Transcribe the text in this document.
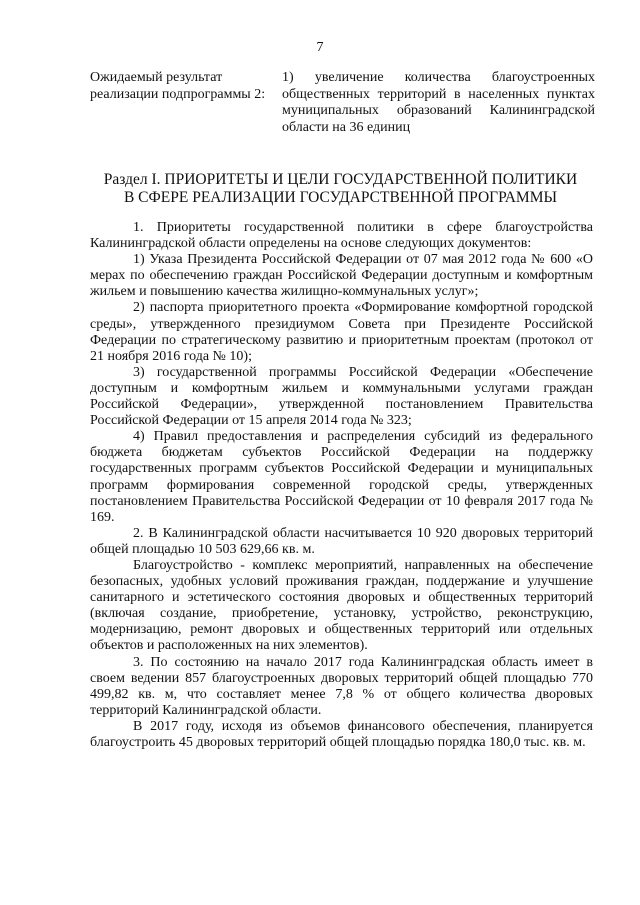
7
Ожидаемый результат реализации подпрограммы 2:
1) увеличение количества благоустроенных общественных территорий в населенных пунктах муниципальных образований Калининградской области на 36 единиц
Раздел I. ПРИОРИТЕТЫ И ЦЕЛИ ГОСУДАРСТВЕННОЙ ПОЛИТИКИ
В СФЕРЕ РЕАЛИЗАЦИИ ГОСУДАРСТВЕННОЙ ПРОГРАММЫ

1. Приоритеты государственной политики в сфере благоустройства Калининградской области определены на основе следующих документов:

1) Указа Президента Российской Федерации от 07 мая 2012 года № 600 «О мерах по обеспечению граждан Российской Федерации доступным и комфортным жильем и повышению качества жилищно-коммунальных услуг»;

2) паспорта приоритетного проекта «Формирование комфортной городской среды», утвержденного президиумом Совета при Президенте Российской Федерации по стратегическому развитию и приоритетным проектам (протокол от 21 ноября 2016 года № 10);

3) государственной программы Российской Федерации «Обеспечение доступным и комфортным жильем и коммунальными услугами граждан Российской Федерации», утвержденной постановлением Правительства Российской Федерации от 15 апреля 2014 года № 323;

4) Правил предоставления и распределения субсидий из федерального бюджета бюджетам субъектов Российской Федерации на поддержку государственных программ субъектов Российской Федерации и муниципальных программ формирования современной городской среды, утвержденных постановлением Правительства Российской Федерации от 10 февраля 2017 года № 169.

2. В Калининградской области насчитывается 10 920 дворовых территорий общей площадью 10 503 629,66 кв. м.

Благоустройство - комплекс мероприятий, направленных на обеспечение безопасных, удобных условий проживания граждан, поддержание и улучшение санитарного и эстетического состояния дворовых и общественных территорий (включая создание, приобретение, установку, устройство, реконструкцию, модернизацию, ремонт дворовых и общественных территорий или отдельных объектов и расположенных на них элементов).

3. По состоянию на начало 2017 года Калининградская область имеет в своем ведении 857 благоустроенных дворовых территорий общей площадью 770 499,82 кв. м, что составляет менее 7,8 % от общего количества дворовых территорий Калининградской области.

В 2017 году, исходя из объемов финансового обеспечения, планируется благоустроить 45 дворовых территорий общей площадью порядка 180,0 тыс. кв. м.
